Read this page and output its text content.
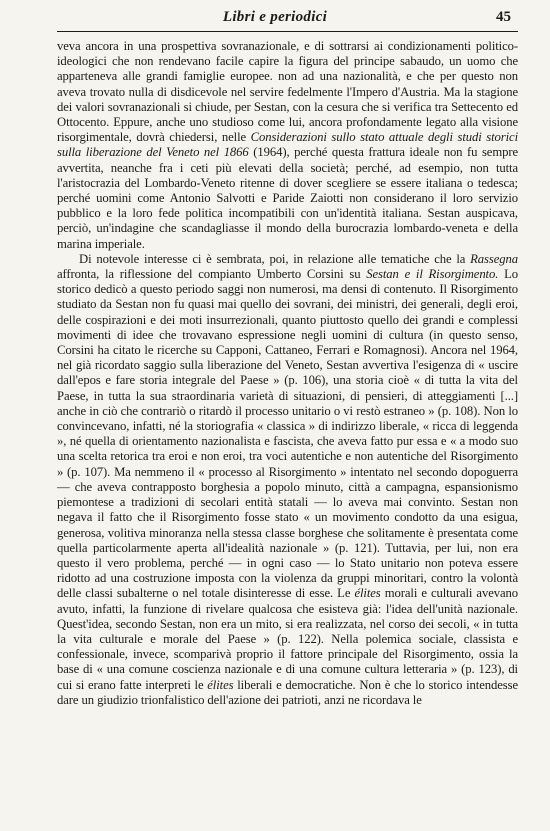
Libri e periodici	45

veva ancora in una prospettiva sovranazionale, e di sottrarsi ai condizionamenti politico-ideologici che non rendevano facile capire la figura del principe sabaudo, un uomo che apparteneva alle grandi famiglie europee. non ad una nazionalità, e che per questo non aveva trovato nulla di disdicevole nel servire fedelmente l'Impero d'Austria. Ma la stagione dei valori sovranazionali si chiude, per Sestan, con la cesura che si verifica tra Settecento ed Ottocento. Eppure, anche uno studioso come lui, ancora profondamente legato alla visione risorgimentale, dovrà chiedersi, nelle Considerazioni sullo stato attuale degli studi storici sulla liberazione del Veneto nel 1866 (1964), perché questa frattura ideale non fu sempre avvertita, neanche fra i ceti più elevati della società; perché, ad esempio, non tutta l'aristocrazia del Lombardo-Veneto ritenne di dover scegliere se essere italiana o tedesca; perché uomini come Antonio Salvotti e Paride Zaiotti non considerano il loro servizio pubblico e la loro fede politica incompatibili con un'identità italiana. Sestan auspicava, perciò, un'indagine che scandagliasse il mondo della burocrazia lombardo-veneta e della marina imperiale.

Di notevole interesse ci è sembrata, poi, in relazione alle tematiche che la Rassegna affronta, la riflessione del compianto Umberto Corsini su Sestan e il Risorgimento. Lo storico dedicò a questo periodo saggi non numerosi, ma densi di contenuto. Il Risorgimento studiato da Sestan non fu quasi mai quello dei sovrani, dei ministri, dei generali, degli eroi, delle cospirazioni e dei moti insurrezionali, quanto piuttosto quello dei grandi e complessi movimenti di idee che trovavano espressione negli uomini di cultura (in questo senso, Corsini ha citato le ricerche su Capponi, Cattaneo, Ferrari e Romagnosi). Ancora nel 1964, nel già ricordato saggio sulla liberazione del Veneto, Sestan avvertiva l'esigenza di « uscire dall'epos e fare storia integrale del Paese » (p. 106), una storia cioè « di tutta la vita del Paese, in tutta la sua straordinaria varietà di situazioni, di pensieri, di atteggiamenti [...] anche in ciò che contrariò o ritardò il processo unitario o vi restò estraneo » (p. 108). Non lo convincevano, infatti, né la storiografia « classica » di indirizzo liberale, « ricca di leggenda », né quella di orientamento nazionalista e fascista, che aveva fatto pur essa e « a modo suo una scelta retorica tra eroi e non eroi, tra voci autentiche e non autentiche del Risorgimento » (p. 107). Ma nemmeno il « processo al Risorgimento » intentato nel secondo dopoguerra — che aveva contrapposto borghesia a popolo minuto, città a campagna, espansionismo piemontese a tradizioni di secolari entità statali — lo aveva mai convinto. Sestan non negava il fatto che il Risorgimento fosse stato « un movimento condotto da una esigua, generosa, volitiva minoranza nella stessa classe borghese che solitamente è presentata come quella particolarmente aperta all'idealità nazionale » (p. 121). Tuttavia, per lui, non era questo il vero problema, perché — in ogni caso — lo Stato unitario non poteva essere ridotto ad una costruzione imposta con la violenza da gruppi minoritari, contro la volontà delle classi subalterne o nel totale disinteresse di esse. Le élites morali e culturali avevano avuto, infatti, la funzione di rivelare qualcosa che esisteva già: l'idea dell'unità nazionale. Quest'idea, secondo Sestan, non era un mito, si era realizzata, nel corso dei secoli, « in tutta la vita culturale e morale del Paese » (p. 122). Nella polemica sociale, classista e confessionale, invece, scomparivà proprio il fattore principale del Risorgimento, ossia la base di « una comune coscienza nazionale e di una comune cultura letteraria » (p. 123), di cui si erano fatte interpreti le élites liberali e democratiche. Non è che lo storico intendesse dare un giudizio trionfalistico dell'azione dei patrioti, anzi ne ricordava le
